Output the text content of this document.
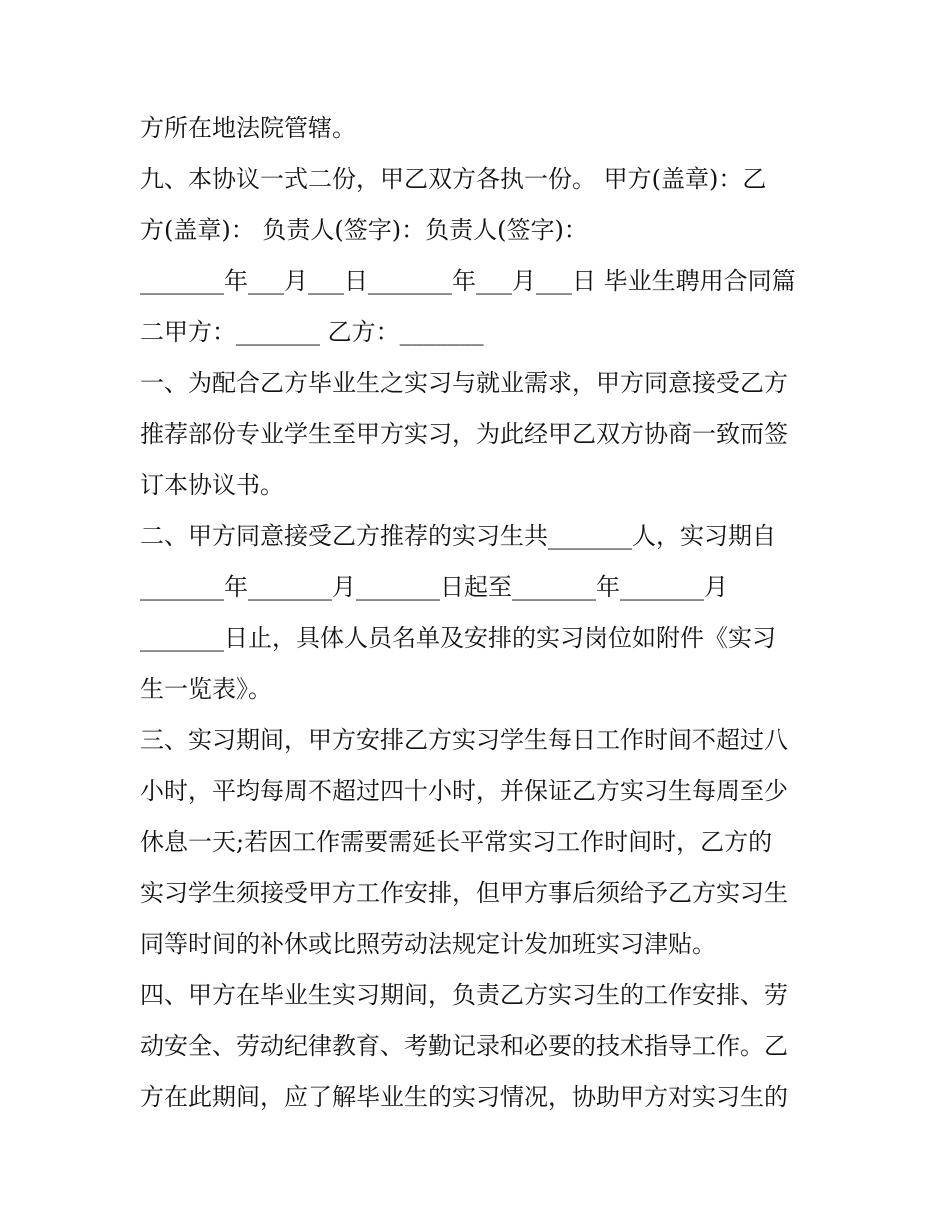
方所在地法院管辖。
九、本协议一式二份，甲乙双方各执一份。 甲方(盖章)：乙
方(盖章)： 负责人(签字)：负责人(签字)：
_______年___月___日_______年___月___日 毕业生聘用合同篇
二甲方：_______ 乙方：_______
一、为配合乙方毕业生之实习与就业需求，甲方同意接受乙方
推荐部份专业学生至甲方实习，为此经甲乙双方协商一致而签
订本协议书。
二、甲方同意接受乙方推荐的实习生共_______人，实习期自
_______年_______月_______日起至_______年_______月
_______日止，具体人员名单及安排的实习岗位如附件《实习
生一览表》。
三、实习期间，甲方安排乙方实习学生每日工作时间不超过八
小时，平均每周不超过四十小时，并保证乙方实习生每周至少
休息一天;若因工作需要需延长平常实习工作时间时，乙方的
实习学生须接受甲方工作安排，但甲方事后须给予乙方实习生
同等时间的补休或比照劳动法规定计发加班实习津贴。
四、甲方在毕业生实习期间，负责乙方实习生的工作安排、劳
动安全、劳动纪律教育、考勤记录和必要的技术指导工作。乙
方在此期间，应了解毕业生的实习情况，协助甲方对实习生的
